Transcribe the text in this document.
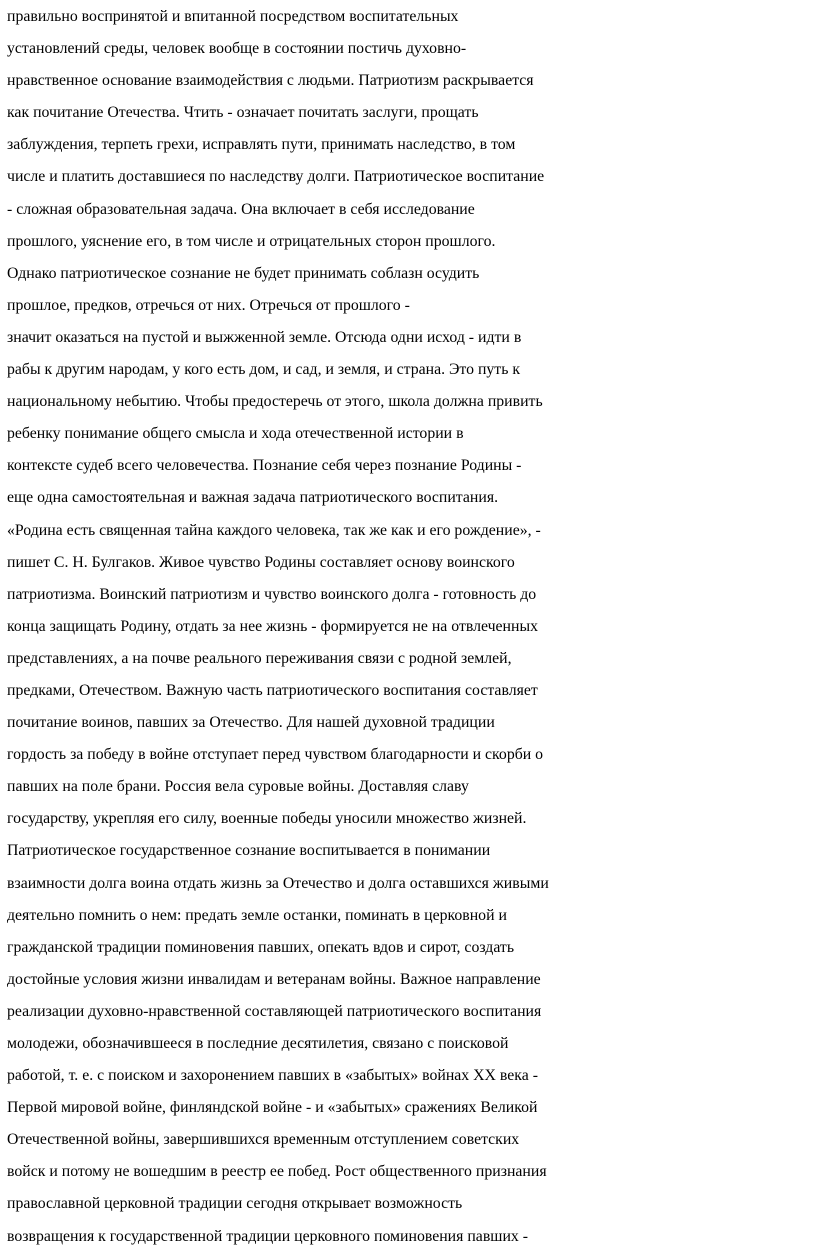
правильно воспринятой и впитанной посредством воспитательных
установлений среды, человек вообще в состоянии постичь духовно-
нравственное основание взаимодействия с людьми. Патриотизм раскрывается
как почитание Отечества. Чтить - означает почитать заслуги, прощать
заблуждения, терпеть грехи, исправлять пути, принимать наследство, в том
числе и платить доставшиеся по наследству долги. Патриотическое воспитание
- сложная образовательная задача. Она включает в себя исследование
прошлого, уяснение его, в том числе и отрицательных сторон прошлого.
Однако патриотическое сознание не будет принимать соблазн осудить
прошлое, предков, отречься от них. Отречься от прошлого -
значит оказаться на пустой и выжженной земле. Отсюда одни исход - идти в
рабы к другим народам, у кого есть дом, и сад, и земля, и страна. Это путь к
национальному небытию. Чтобы предостеречь от этого, школа должна привить
ребенку понимание общего смысла и хода отечественной истории в
контексте судеб всего человечества. Познание себя через познание Родины -
еще одна самостоятельная и важная задача патриотического воспитания.
«Родина есть священная тайна каждого человека, так же как и его рождение», -
пишет С. Н. Булгаков. Живое чувство Родины составляет основу воинского
патриотизма. Воинский патриотизм и чувство воинского долга - готовность до
конца защищать Родину, отдать за нее жизнь - формируется не на отвлеченных
представлениях, а на почве реального переживания связи с родной землей,
предками, Отечеством. Важную часть патриотического воспитания составляет
почитание воинов, павших за Отечество. Для нашей духовной традиции
гордость за победу в войне отступает перед чувством благодарности и скорби о
павших на поле брани. Россия вела суровые войны. Доставляя славу
государству, укрепляя его силу, военные победы уносили множество жизней.
Патриотическое государственное сознание воспитывается в понимании
взаимности долга воина отдать жизнь за Отечество и долга оставшихся живыми
деятельно помнить о нем: предать земле останки, поминать в церковной и
гражданской традиции поминовения павших, опекать вдов и сирот, создать
достойные условия жизни инвалидам и ветеранам войны. Важное направление
реализации духовно-нравственной составляющей патриотического воспитания
молодежи, обозначившееся в последние десятилетия, связано с поисковой
работой, т. е. с поиском и захоронением павших в «забытых» войнах XX века -
Первой мировой войне, финляндской войне - и «забытых» сражениях Великой
Отечественной войны, завершившихся временным отступлением советских
войск и потому не вошедшим в реестр ее побед. Рост общественного признания
православной церковной традиции сегодня открывает возможность
возвращения к государственной традиции церковного поминовения павших -
